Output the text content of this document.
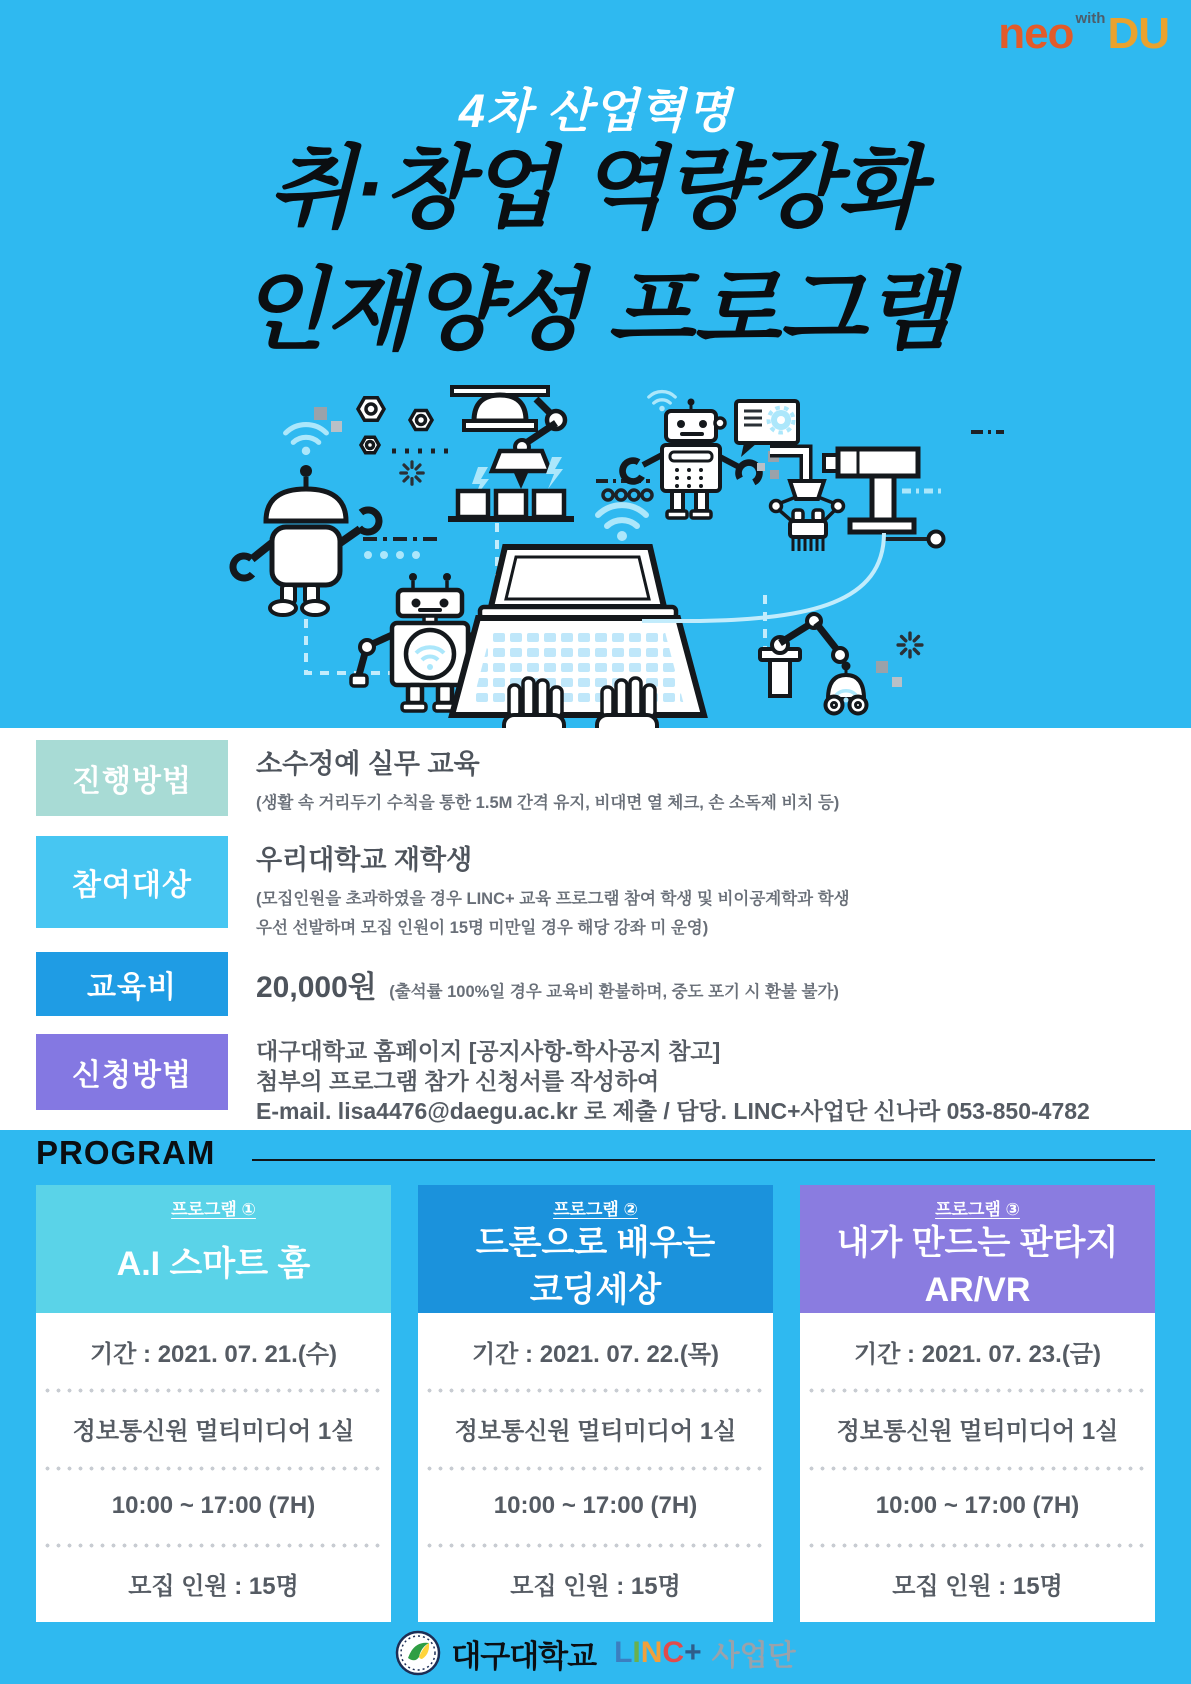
neo with DU
4차 산업혁명
취·창업 역량강화
인재양성 프로그램
진행방법
소수정예 실무 교육
(생활 속 거리두기 수칙을 통한 1.5M 간격 유지, 비대면 열 체크, 손 소독제 비치 등)
참여대상
우리대학교 재학생
(모집인원을 초과하였을 경우 LINC+ 교육 프로그램 참여 학생 및 비이공계학과 학생
우선 선발하며 모집 인원이 15명 미만일 경우 해당 강좌 미 운영)
교육비	20,000원 (출석률 100%일 경우 교육비 환불하며, 중도 포기 시 환불 불가)
신청방법
대구대학교 홈페이지 [공지사항-학사공지 참고]
첨부의 프로그램 참가 신청서를 작성하여
E-mail. lisa4476@daegu.ac.kr 로 제출 / 담당. LINC+사업단 신나라 053-850-4782
PROGRAM
프로그램 ①
A.I 스마트 홈
기간 : 2021. 07. 21.(수)
정보통신원 멀티미디어 1실
10:00 ~ 17:00 (7H)
모집 인원 : 15명
프로그램 ②
드론으로 배우는
코딩세상
기간 : 2021. 07. 22.(목)
정보통신원 멀티미디어 1실
10:00 ~ 17:00 (7H)
모집 인원 : 15명
프로그램 ③
내가 만드는 판타지
AR/VR
기간 : 2021. 07. 23.(금)
정보통신원 멀티미디어 1실
10:00 ~ 17:00 (7H)
모집 인원 : 15명
대구대학교 L I N C + 사업단
